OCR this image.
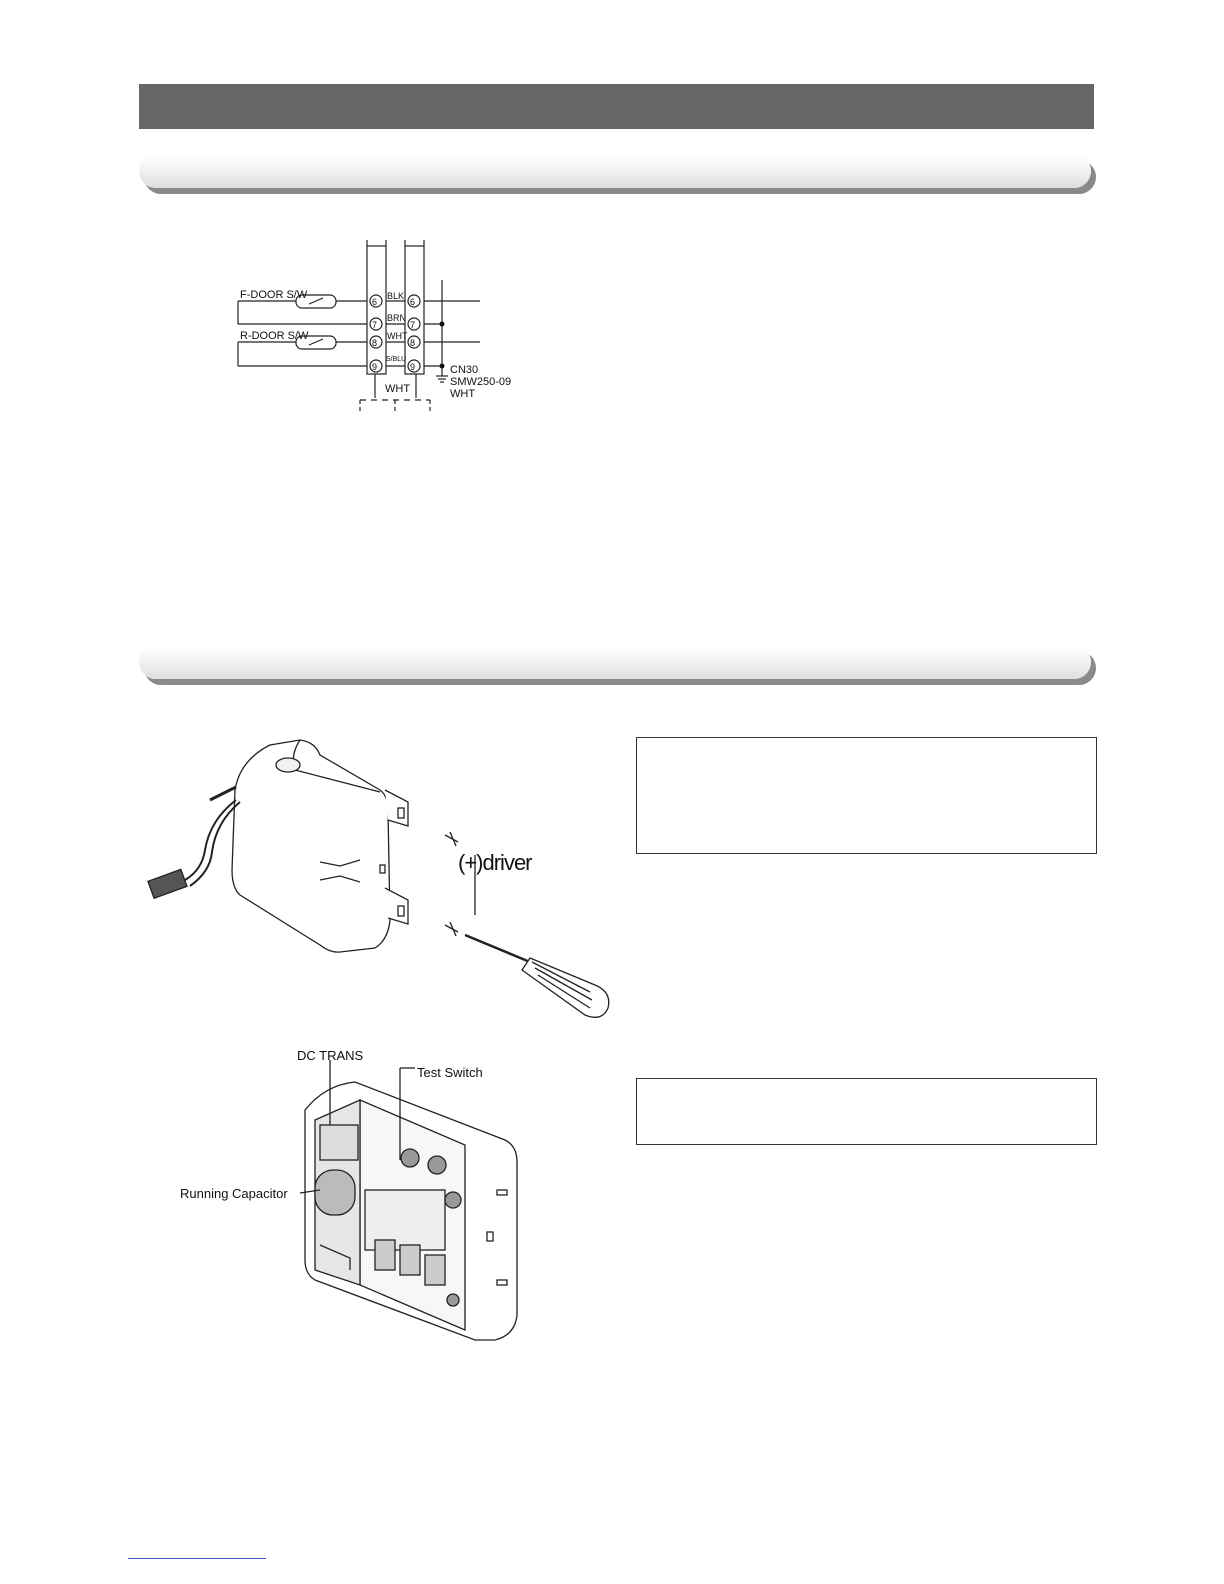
F-DOOR S/W
R-DOOR S/W
6
7
8
9
6
7
8
9
BLK
BRN
WHT
S/BLU
WHT
CN30
SMW250-09
WHT
(+)driver
DC TRANS
Test Switch
Running Capacitor
